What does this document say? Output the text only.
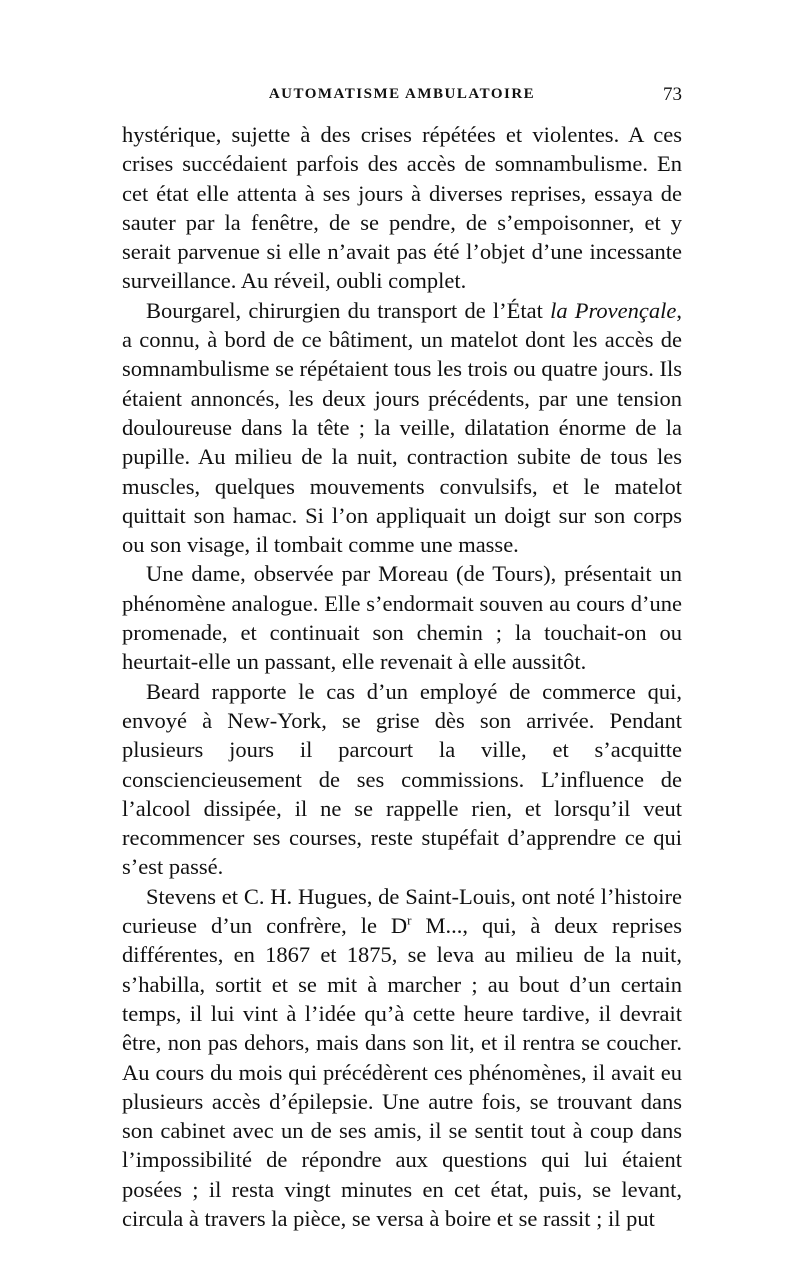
AUTOMATISME AMBULATOIRE	73

hystérique, sujette à des crises répétées et violentes. A ces crises succédaient parfois des accès de somnambulisme. En cet état elle attenta à ses jours à diverses reprises, essaya de sauter par la fenêtre, de se pendre, de s’empoisonner, et y serait parvenue si elle n’avait pas été l’objet d’une incessante surveillance. Au réveil, oubli complet.

Bourgarel, chirurgien du transport de l’État la Provençale, a connu, à bord de ce bâtiment, un matelot dont les accès de somnambulisme se répétaient tous les trois ou quatre jours. Ils étaient annoncés, les deux jours précédents, par une tension douloureuse dans la tête ; la veille, dilatation énorme de la pupille. Au milieu de la nuit, contraction subite de tous les muscles, quelques mouvements convulsifs, et le matelot quittait son hamac. Si l’on appliquait un doigt sur son corps ou son visage, il tombait comme une masse.

Une dame, observée par Moreau (de Tours), présentait un phénomène analogue. Elle s’endormait souven au cours d’une promenade, et continuait son chemin ; la touchait-on ou heurtait-elle un passant, elle revenait à elle aussitôt.

Beard rapporte le cas d’un employé de commerce qui, envoyé à New-York, se grise dès son arrivée. Pendant plusieurs jours il parcourt la ville, et s’acquitte consciencieusement de ses commissions. L’influence de l’alcool dissipée, il ne se rappelle rien, et lorsqu’il veut recommencer ses courses, reste stupéfait d’apprendre ce qui s’est passé.

Stevens et C. H. Hugues, de Saint-Louis, ont noté l’histoire curieuse d’un confrère, le $D^r$ M..., qui, à deux reprises différentes, en 1867 et 1875, se leva au milieu de la nuit, s’habilla, sortit et se mit à marcher ; au bout d’un certain temps, il lui vint à l’idée qu’à cette heure tardive, il devrait être, non pas dehors, mais dans son lit, et il rentra se coucher. Au cours du mois qui précédèrent ces phénomènes, il avait eu plusieurs accès d’épilepsie. Une autre fois, se trouvant dans son cabinet avec un de ses amis, il se sentit tout à coup dans l’impossibilité de répondre aux questions qui lui étaient posées ; il resta vingt minutes en cet état, puis, se levant, circula à travers la pièce, se versa à boire et se rassit ; il put
